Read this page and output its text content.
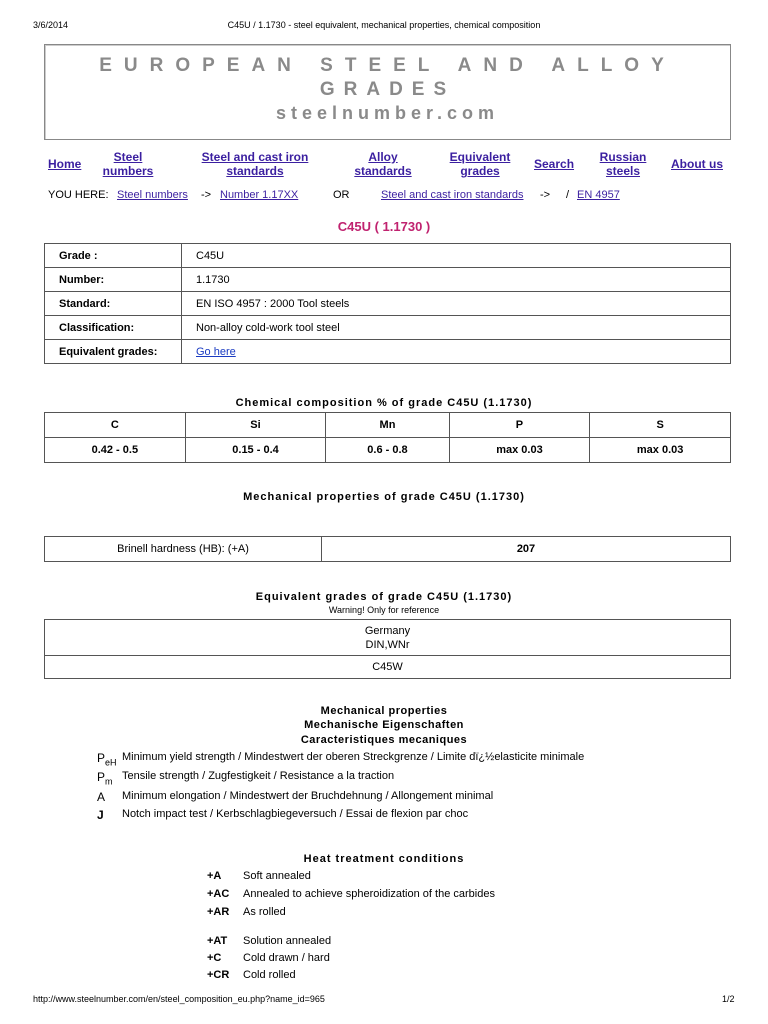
3/6/2014	C45U / 1.1730 - steel equivalent, mechanical properties, chemical composition
EUROPEAN STEEL AND ALLOY
GRADES
steelnumber.com
Home	Steel
numbers
Steel and cast iron
standards
Alloy
standards
Equivalent
grades	Search	Russian
steels	About us
YOU HERE: Steel numbers -> Number 1.17XX	OR	Steel and cast iron standards -> / EN 4957
C45U ( 1.1730 )
Grade :	C45U
Number:	1.1730
Standard:	EN ISO 4957 : 2000 Tool steels
Classification:	Non-alloy cold-work tool steel
Equivalent grades:	Go here
Chemical composition % of grade C45U (1.1730)
C	Si	Mn	P	S
0.42 - 0.5	0.15 - 0.4	0.6 - 0.8	max 0.03	max 0.03
Mechanical properties of grade C45U (1.1730)
Brinell hardness (HB): (+A)	207
Equivalent grades of grade C45U (1.1730)
Warning! Only for reference
Germany
DIN,WNr

C45W
Mechanical properties
Mechanische Eigenschaften
Caracteristiques mecaniques
$P_{eH}$ Minimum yield strength / Mindestwert der oberen Streckgrenze / Limite dï¿½elasticite minimale
$P_m$ Tensile strength / Zugfestigkeit / Resistance a la traction
A Minimum elongation / Mindestwert der Bruchdehnung / Allongement minimal
J Notch impact test / Kerbschlagbiegeversuch / Essai de flexion par choc
Heat treatment conditions
+A Soft annealed
+AC Annealed to achieve spheroidization of the carbides
+AR As rolled
+AT Solution annealed
+C Cold drawn / hard
+CR Cold rolled
http://www.steelnumber.com/en/steel_composition_eu.php?name_id=965	1/2
